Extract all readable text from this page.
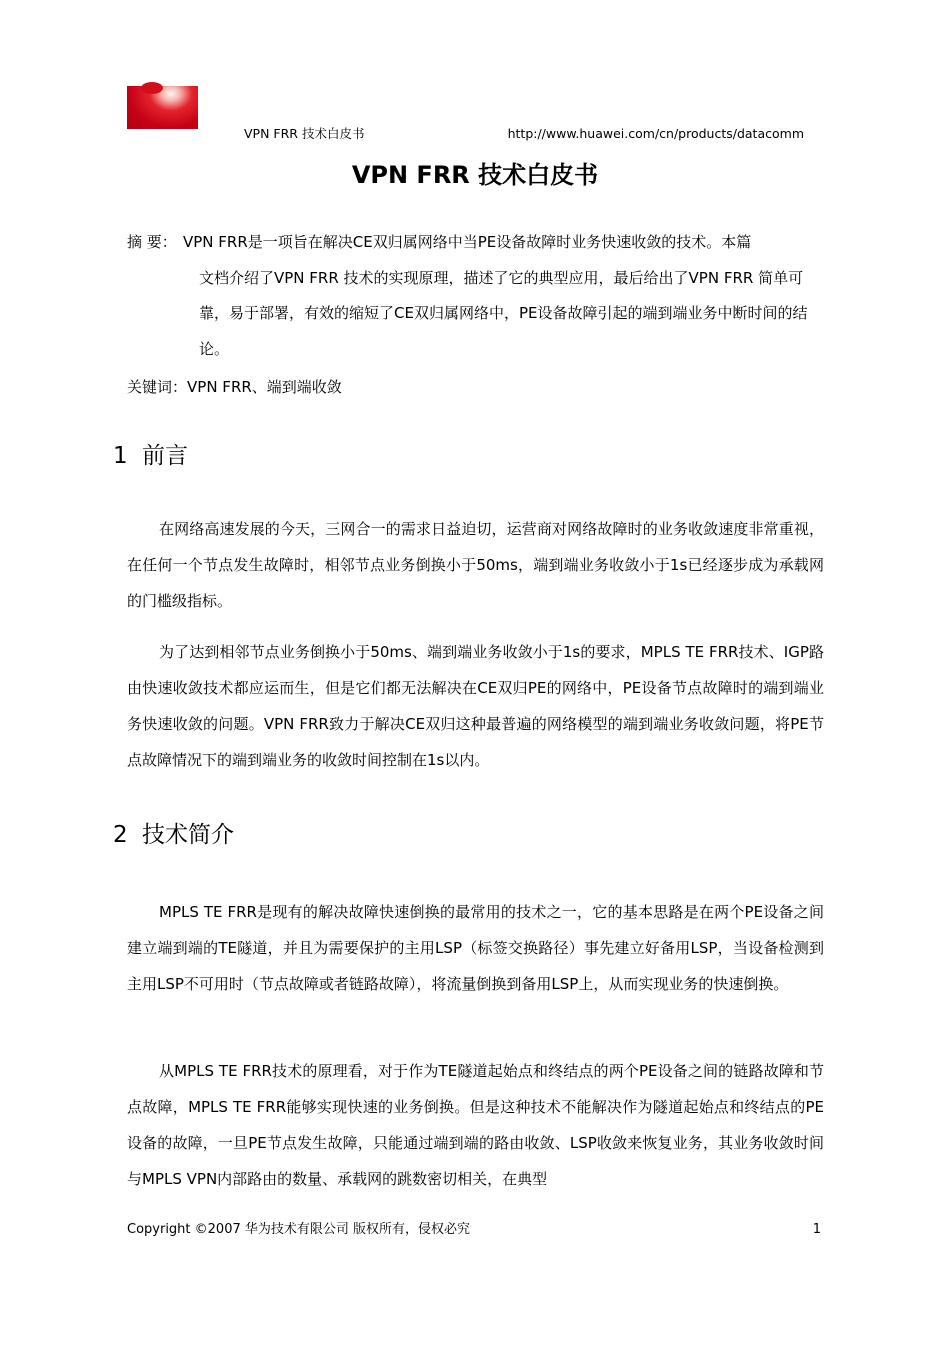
VPN FRR 技术白皮书	http://www.huawei.com/cn/products/datacomm
VPN FRR 技术白皮书
摘 要： VPN FRR是一项旨在解决CE双归属网络中当PE设备故障时业务快速收敛的技术。本篇
文档介绍了VPN FRR 技术的实现原理，描述了它的典型应用，最后给出了VPN FRR 简单可靠，易于部署，有效的缩短了CE双归属网络中，PE设备故障引起的端到端业务中断时间的结论。
关键词：VPN FRR、端到端收敛
1 前言

在网络高速发展的今天，三网合一的需求日益迫切，运营商对网络故障时的业务收敛速度非常重视，在任何一个节点发生故障时，相邻节点业务倒换小于50ms，端到端业务收敛小于1s已经逐步成为承载网的门槛级指标。

为了达到相邻节点业务倒换小于50ms、端到端业务收敛小于1s的要求，MPLS TE FRR技术、IGP路由快速收敛技术都应运而生，但是它们都无法解决在CE双归PE的网络中，PE设备节点故障时的端到端业务快速收敛的问题。VPN FRR致力于解决CE双归这种最普遍的网络模型的端到端业务收敛问题，将PE节点故障情况下的端到端业务的收敛时间控制在1s以内。

2 技术简介

MPLS TE FRR是现有的解决故障快速倒换的最常用的技术之一，它的基本思路是在两个PE设备之间建立端到端的TE隧道，并且为需要保护的主用LSP（标签交换路径）事先建立好备用LSP，当设备检测到主用LSP不可用时（节点故障或者链路故障），将流量倒换到备用LSP上，从而实现业务的快速倒换。

从MPLS TE FRR技术的原理看，对于作为TE隧道起始点和终结点的两个PE设备之间的链路故障和节点故障，MPLS TE FRR能够实现快速的业务倒换。但是这种技术不能解决作为隧道起始点和终结点的PE设备的故障，一旦PE节点发生故障，只能通过端到端的路由收敛、LSP收敛来恢复业务，其业务收敛时间与MPLS VPN内部路由的数量、承载网的跳数密切相关，在典型

Copyright ©2007 华为技术有限公司 版权所有，侵权必究	1
